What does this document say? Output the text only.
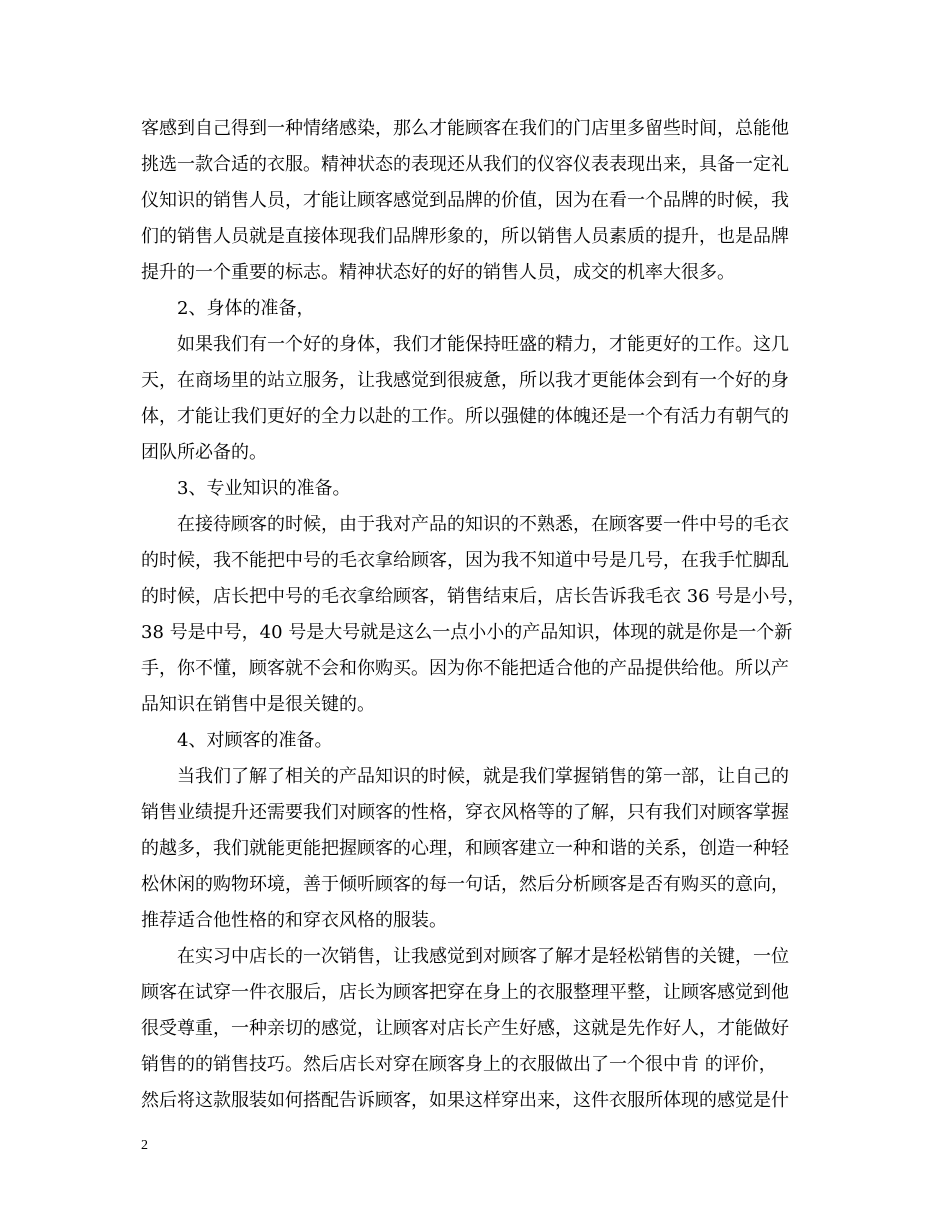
客感到自己得到一种情绪感染，那么才能顾客在我们的门店里多留些时间，总能他
挑选一款合适的衣服。精神状态的表现还从我们的仪容仪表表现出来，具备一定礼
仪知识的销售人员，才能让顾客感觉到品牌的价值，因为在看一个品牌的时候，我
们的销售人员就是直接体现我们品牌形象的，所以销售人员素质的提升，也是品牌
提升的一个重要的标志。精神状态好的好的销售人员，成交的机率大很多。
2、身体的准备，
如果我们有一个好的身体，我们才能保持旺盛的精力，才能更好的工作。这几
天，在商场里的站立服务，让我感觉到很疲惫，所以我才更能体会到有一个好的身
体，才能让我们更好的全力以赴的工作。所以强健的体魄还是一个有活力有朝气的
团队所必备的。
3、专业知识的准备。
在接待顾客的时候，由于我对产品的知识的不熟悉，在顾客要一件中号的毛衣
的时候，我不能把中号的毛衣拿给顾客，因为我不知道中号是几号，在我手忙脚乱
的时候，店长把中号的毛衣拿给顾客，销售结束后，店长告诉我毛衣 36 号是小号，
38 号是中号，40 号是大号就是这么一点小小的产品知识，体现的就是你是一个新
手，你不懂，顾客就不会和你购买。因为你不能把适合他的产品提供给他。所以产
品知识在销售中是很关键的。
4、对顾客的准备。
当我们了解了相关的产品知识的时候，就是我们掌握销售的第一部，让自己的
销售业绩提升还需要我们对顾客的性格，穿衣风格等的了解，只有我们对顾客掌握
的越多，我们就能更能把握顾客的心理，和顾客建立一种和谐的关系，创造一种轻
松休闲的购物环境，善于倾听顾客的每一句话，然后分析顾客是否有购买的意向，
推荐适合他性格的和穿衣风格的服装。
在实习中店长的一次销售，让我感觉到对顾客了解才是轻松销售的关键，一位
顾客在试穿一件衣服后，店长为顾客把穿在身上的衣服整理平整，让顾客感觉到他
很受尊重，一种亲切的感觉，让顾客对店长产生好感，这就是先作好人，才能做好
销售的的销售技巧。然后店长对穿在顾客身上的衣服做出了一个很中肯 的评价，
然后将这款服装如何搭配告诉顾客，如果这样穿出来，这件衣服所体现的感觉是什
2
